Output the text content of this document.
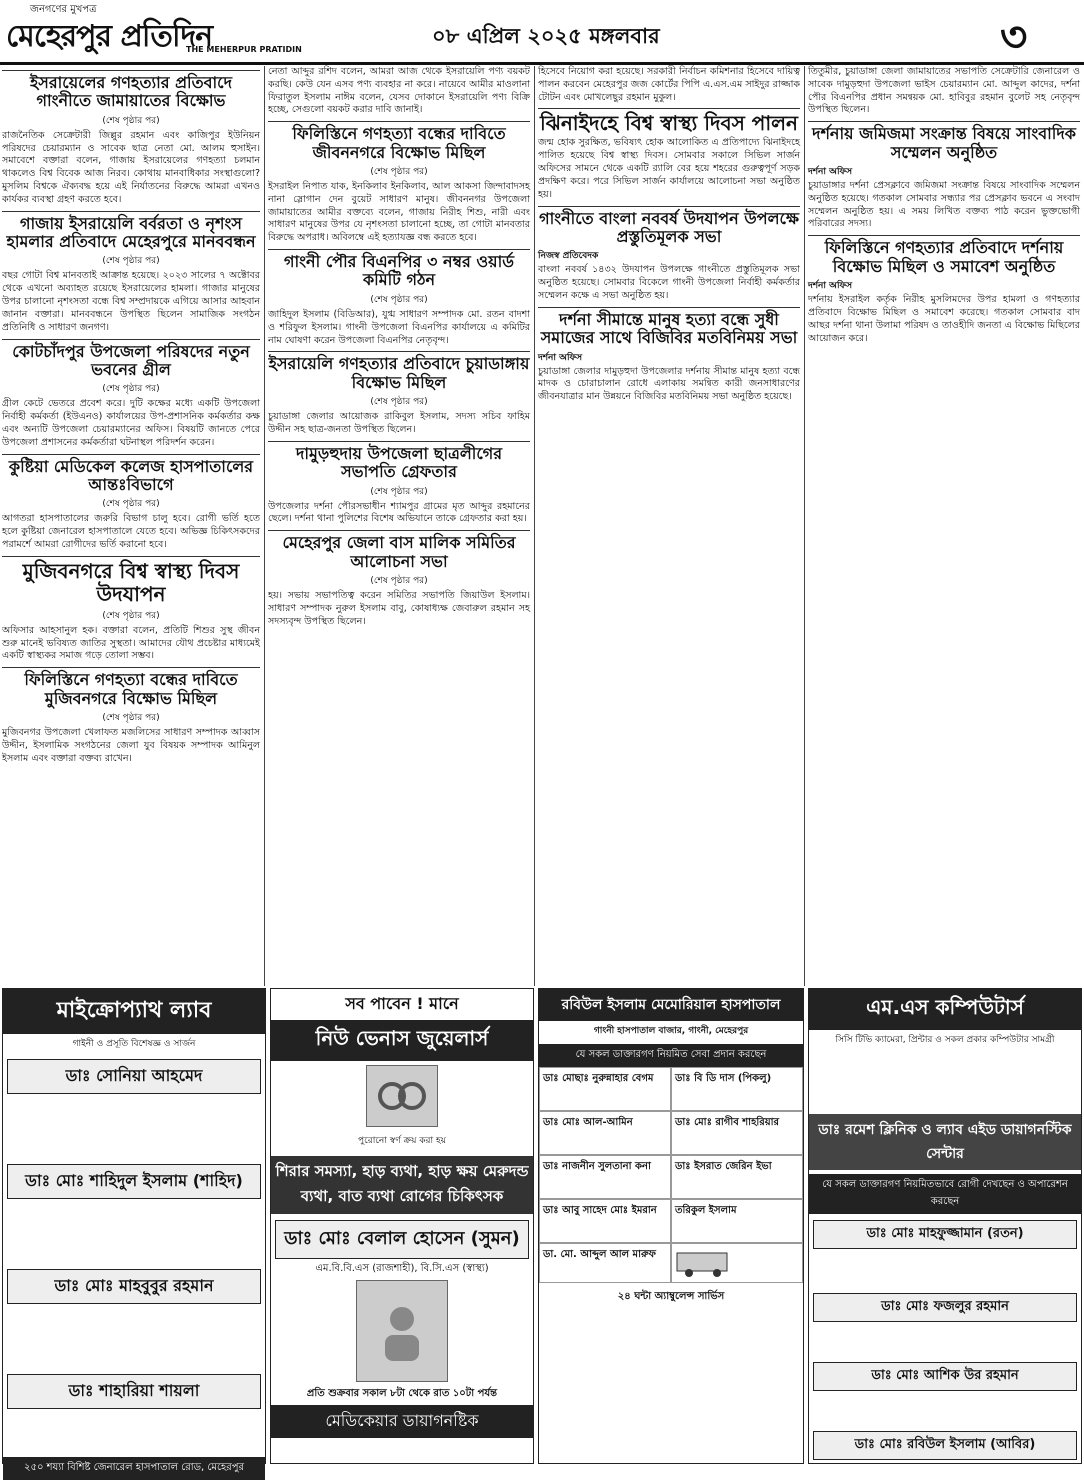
জনগণের মুখপত্র
মেহেরপুর প্রতিদিন
THE MEHERPUR PRATIDIN
০৮ এপ্রিল ২০২৫ মঙ্গলবার	৩
ইসরায়েলের গণহত্যার প্রতিবাদে গাংনীতে জামায়াতের বিক্ষোভ
(শেষ পৃষ্ঠার পর)

রাজনৈতিক সেক্রেটারী জিল্লুর রহমান এবং কাজিপুর ইউনিয়ন পরিষদের চেয়ারম্যান ও সাবেক ছাত্র নেতা মো. আলম হুসাইন। সমাবেশে বক্তারা বলেন, গাজায় ইসরায়েলের গণহত্যা চলমান থাকলেও বিশ্ব বিবেক আজ নিরব। কোথায় মানবাধিকার সংস্থাগুলো? মুসলিম বিশ্বকে ঐক্যবদ্ধ হয়ে এই নির্যাতনের বিরুদ্ধে আমরা এখনও কার্যকর ব্যবস্থা গ্রহণ করতে হবে।

গাজায় ইসরায়েলি বর্বরতা ও নৃশংস হামলার প্রতিবাদে মেহেরপুরে মানববন্ধন
(শেষ পৃষ্ঠার পর)

বছর গোটা বিশ্ব মানবতাই আক্রান্ত হয়েছে। ২০২৩ সালের ৭ অক্টোবর থেকে এখনো অব্যাহত রয়েছে ইসরায়েলের হামলা। গাজার মানুষের উপর চালানো নৃশংসতা বন্ধে বিশ্ব সম্প্রদায়কে এগিয়ে আসার আহবান জানান বক্তারা। মানববন্ধনে উপস্থিত ছিলেন সামাজিক সংগঠন প্রতিনিধি ও সাধারণ জনগণ।

কোটচাঁদপুর উপজেলা পরিষদের নতুন ভবনের গ্রীল
(শেষ পৃষ্ঠার পর)

গ্রীল কেটে ভেতরে প্রবেশ করে। দুটি কক্ষের মধ্যে একটি উপজেলা নির্বাহী কর্মকর্তা (ইউএনও) কার্যালয়ের উপ-প্রশাসনিক কর্মকর্তার কক্ষ এবং অন্যটি উপজেলা চেয়ারম্যানের অফিস। বিষয়টি জানতে পেরে উপজেলা প্রশাসনের কর্মকর্তারা ঘটনাস্থল পরিদর্শন করেন।

কুষ্টিয়া মেডিকেল কলেজ হাসপাতালের আন্তঃবিভাগে
(শেষ পৃষ্ঠার পর)

আগতরা হাসপাতালের জরুরি বিভাগ চালু হবে। রোগী ভর্তি হতে হলে কুষ্টিয়া জেনারেল হাসপাতালে যেতে হবে। অভিজ্ঞ চিকিৎসকদের পরামর্শে আমরা রোগীদের ভর্তি করানো হবে।

মুজিবনগরে বিশ্ব স্বাস্থ্য দিবস উদযাপন
(শেষ পৃষ্ঠার পর)

অফিসার আহসানুল হক। বক্তারা বলেন, প্রতিটি শিশুর সুস্থ জীবন শুরু মানেই ভবিষ্যত জাতির সুস্থতা। আমাদের যৌথ প্রচেষ্টার মাধ্যমেই একটি স্বাস্থ্যকর সমাজ গড়ে তোলা সম্ভব।

ফিলিস্তিনে গণহত্যা বন্ধের দাবিতে মুজিবনগরে বিক্ষোভ মিছিল
(শেষ পৃষ্ঠার পর)

মুজিবনগর উপজেলা খেলাফত মজলিসের সাধারণ সম্পাদক আব্বাস উদ্দীন, ইসলামিক সংগঠনের জেলা যুব বিষয়ক সম্পাদক আমিনুল ইসলাম এবং বক্তারা বক্তব্য রাখেন।

নেতা আব্দুর রশিদ বলেন, আমরা আজ থেকে ইসরায়েলি পণ্য বয়কট করছি। কেউ যেন এসব পণ্য ব্যবহার না করে। নায়েবে আমীর মাওলানা ফিরাতুল ইসলাম নাঈম বলেন, যেসব দোকানে ইসরায়েলি পণ্য বিক্রি হচ্ছে, সেগুলো বয়কট করার দাবি জানাই।

ফিলিস্তিনে গণহত্যা বন্ধের দাবিতে জীবননগরে বিক্ষোভ মিছিল
(শেষ পৃষ্ঠার পর)

ইসরাইল নিপাত যাক, ইনকিলাব ইনকিলাব, আল আকসা জিন্দাবাদসহ নানা স্লোগান দেন বুয়েট সাধারণ মানুষ। জীবননগর উপজেলা জামায়াতের আমীর বক্তব্যে বলেন, গাজায় নিরীহ শিশু, নারী এবং সাধারণ মানুষের উপর যে নৃশংসতা চালানো হচ্ছে, তা গোটা মানবতার বিরুদ্ধে অপরাধ। অবিলম্বে এই হত্যাযজ্ঞ বন্ধ করতে হবে।

গাংনী পৌর বিএনপির ৩ নম্বর ওয়ার্ড কমিটি গঠন
(শেষ পৃষ্ঠার পর)

জাহিদুল ইসলাম (বিডিআর), যুগ্ম সাধারণ সম্পাদক মো. রতন বাদশা ও শরিফুল ইসলাম। গাংনী উপজেলা বিএনপির কার্যালয়ে এ কমিটির নাম ঘোষণা করেন উপজেলা বিএনপির নেতৃবৃন্দ।

ইসরায়েলি গণহত্যার প্রতিবাদে চুয়াডাঙ্গায় বিক্ষোভ মিছিল
(শেষ পৃষ্ঠার পর)

চুয়াডাঙ্গা জেলার আয়োজক রাকিবুল ইসলাম, সদস্য সচিব ফাহিম উদ্দীন সহ ছাত্র-জনতা উপস্থিত ছিলেন।

দামুড়হুদায় উপজেলা ছাত্রলীগের সভাপতি গ্রেফতার
(শেষ পৃষ্ঠার পর)

উপজেলার দর্শনা পৌরসভাধীন শ্যামপুর গ্রামের মৃত আব্দুর রহমানের ছেলে। দর্শনা থানা পুলিশের বিশেষ অভিযানে তাকে গ্রেফতার করা হয়।

মেহেরপুর জেলা বাস মালিক সমিতির আলোচনা সভা
(শেষ পৃষ্ঠার পর)

হয়। সভায় সভাপতিত্ব করেন সমিতির সভাপতি জিয়াউল ইসলাম। সাধারণ সম্পাদক নুরুল ইসলাম বাবু, কোষাধ্যক্ষ জেবারুল রহমান সহ সদস্যবৃন্দ উপস্থিত ছিলেন।

হিসেবে নিয়োগ করা হয়েছে। সরকারী নির্বাচন কমিশনার হিসেবে দায়িত্ব পালন করবেন মেহেরপুর জজ কোর্টের পিপি এ.এস.এম সাইদুর রাজ্জাক টোটন এবং মোখলেছুর রহমান মুকুল।

ঝিনাইদহে বিশ্ব স্বাস্থ্য দিবস পালন

জন্ম হোক সুরক্ষিত, ভবিষ্যৎ হোক আলোকিত এ প্রতিপাদ্যে ঝিনাইদহে পালিত হয়েছে বিশ্ব স্বাস্থ্য দিবস। সোমবার সকালে সিভিল সার্জন অফিসের সামনে থেকে একটি র‍্যালি বের হয়ে শহরের গুরুত্বপূর্ণ সড়ক প্রদক্ষিণ করে। পরে সিভিল সার্জন কার্যালয়ে আলোচনা সভা অনুষ্ঠিত হয়।

গাংনীতে বাংলা নববর্ষ উদযাপন উপলক্ষে প্রস্তুতিমূলক সভা
নিজস্ব প্রতিবেদক

বাংলা নববর্ষ ১৪৩২ উদযাপন উপলক্ষে গাংনীতে প্রস্তুতিমূলক সভা অনুষ্ঠিত হয়েছে। সোমবার বিকেলে গাংনী উপজেলা নির্বাহী কর্মকর্তার সম্মেলন কক্ষে এ সভা অনুষ্ঠিত হয়।

দর্শনা সীমান্তে মানুষ হত্যা বন্ধে সুধী সমাজের সাথে বিজিবির মতবিনিময় সভা
দর্শনা অফিস

চুয়াডাঙ্গা জেলার দামুড়হুদা উপজেলার দর্শনায় সীমান্ত মানুষ হত্যা বন্ধে মাদক ও চোরাচালান রোধে এলাকায় সমন্বিত কারী জনসাধারণের জীবনযাত্রার মান উন্নয়নে বিজিবির মতবিনিময় সভা অনুষ্ঠিত হয়েছে।

তিতুমীর, চুয়াডাঙ্গা জেলা জামায়াতের সভাপতি সেক্রেটারি জেনারেল ও সাবেক দামুড়হুদা উপজেলা ভাইস চেয়ারম্যান মো. আব্দুল কাদের, দর্শনা পৌর বিএনপির প্রধান সমন্বয়ক মো. হাবিবুর রহমান বুলেট সহ নেতৃবৃন্দ উপস্থিত ছিলেন।

দর্শনায় জমিজমা সংক্রান্ত বিষয়ে সাংবাদিক সম্মেলন অনুষ্ঠিত
দর্শনা অফিস

চুয়াডাঙ্গার দর্শনা প্রেসক্লাবে জমিজমা সংক্রান্ত বিষয়ে সাংবাদিক সম্মেলন অনুষ্ঠিত হয়েছে। গতকাল সোমবার সন্ধ্যার পর প্রেসক্লাব ভবনে এ সংবাদ সম্মেলন অনুষ্ঠিত হয়। এ সময় লিখিত বক্তব্য পাঠ করেন ভুক্তভোগী পরিবারের সদস্য।

ফিলিস্তিনে গণহত্যার প্রতিবাদে দর্শনায় বিক্ষোভ মিছিল ও সমাবেশ অনুষ্ঠিত
দর্শনা অফিস

দর্শনায় ইসরাইল কর্তৃক নিরীহ মুসলিমদের উপর হামলা ও গণহত্যার প্রতিবাদে বিক্ষোভ মিছিল ও সমাবেশ করেছে। গতকাল সোমবার বাদ আছর দর্শনা থানা উলামা পরিষদ ও তাওহীদি জনতা এ বিক্ষোভ মিছিলের আয়োজন করে।

মাইক্রোপ্যাথ ল্যাব
গাইনী ও প্রসূতি বিশেষজ্ঞ ও সার্জন
ডাঃ সোনিয়া আহমেদ
ডাঃ মোঃ শাহিদুল ইসলাম (শাহিদ)
ডাঃ মোঃ মাহবুবুর রহমান
ডাঃ শাহারিয়া শায়লা
২৫০ শয্যা বিশিষ্ট জেনারেল হাসপাতাল রোড, মেহেরপুর
সব পাবেন ! মানে
নিউ ভেনাস জুয়েলার্স
পুরোনো স্বর্ণ ক্রয় করা হয়
শিরার সমস্যা, হাড় ব্যথা, হাড় ক্ষয় মেরুদন্ড ব্যথা, বাত ব্যথা রোগের চিকিৎসক
ডাঃ মোঃ বেলাল হোসেন (সুমন)
এম.বি.বি.এস (রাজশাহী), বি.সি.এস (স্বাস্থ্য)
প্রতি শুক্রবার সকাল ৮টা থেকে রাত ১০টা পর্যন্ত
মেডিকেয়ার ডায়াগনষ্টিক
রবিউল ইসলাম মেমোরিয়াল হাসপাতাল
গাংনী হাসপাতাল বাজার, গাংনী, মেহেরপুর
যে সকল ডাক্তারগণ নিয়মিত সেবা প্রদান করছেন
ডাঃ মোছাঃ নুরুন্নাহার বেগম	ডাঃ বি ডি দাস (পিকলু)
ডাঃ মোঃ আল-আমিন	ডাঃ মোঃ রাগীব শাহরিয়ার
ডাঃ নাজনীন সুলতানা কনা	ডাঃ ইসরাত জেরিন ইভা
ডাঃ আবু সাহেদ মোঃ ইমরান	তরিকুল ইসলাম
ডা. মো. আব্দুল আল মারুফ
২৪ ঘন্টা অ্যাম্বুলেন্স সার্ভিস
এম.এস কম্পিউটার্স
সিসি টিভি ক্যামেরা, প্রিন্টার ও সকল প্রকার কম্পিউটার সামগ্রী
ডাঃ রমেশ ক্লিনিক ও ল্যাব এইড ডায়াগনস্টিক সেন্টার
যে সকল ডাক্তারগণ নিয়মিতভাবে রোগী দেখছেন ও অপারেশন করছেন
ডাঃ মোঃ মাহফুজ্জামান (রতন)
ডাঃ মোঃ ফজলুর রহমান
ডাঃ মোঃ আশিক উর রহমান
ডাঃ মোঃ রবিউল ইসলাম (আবির)
